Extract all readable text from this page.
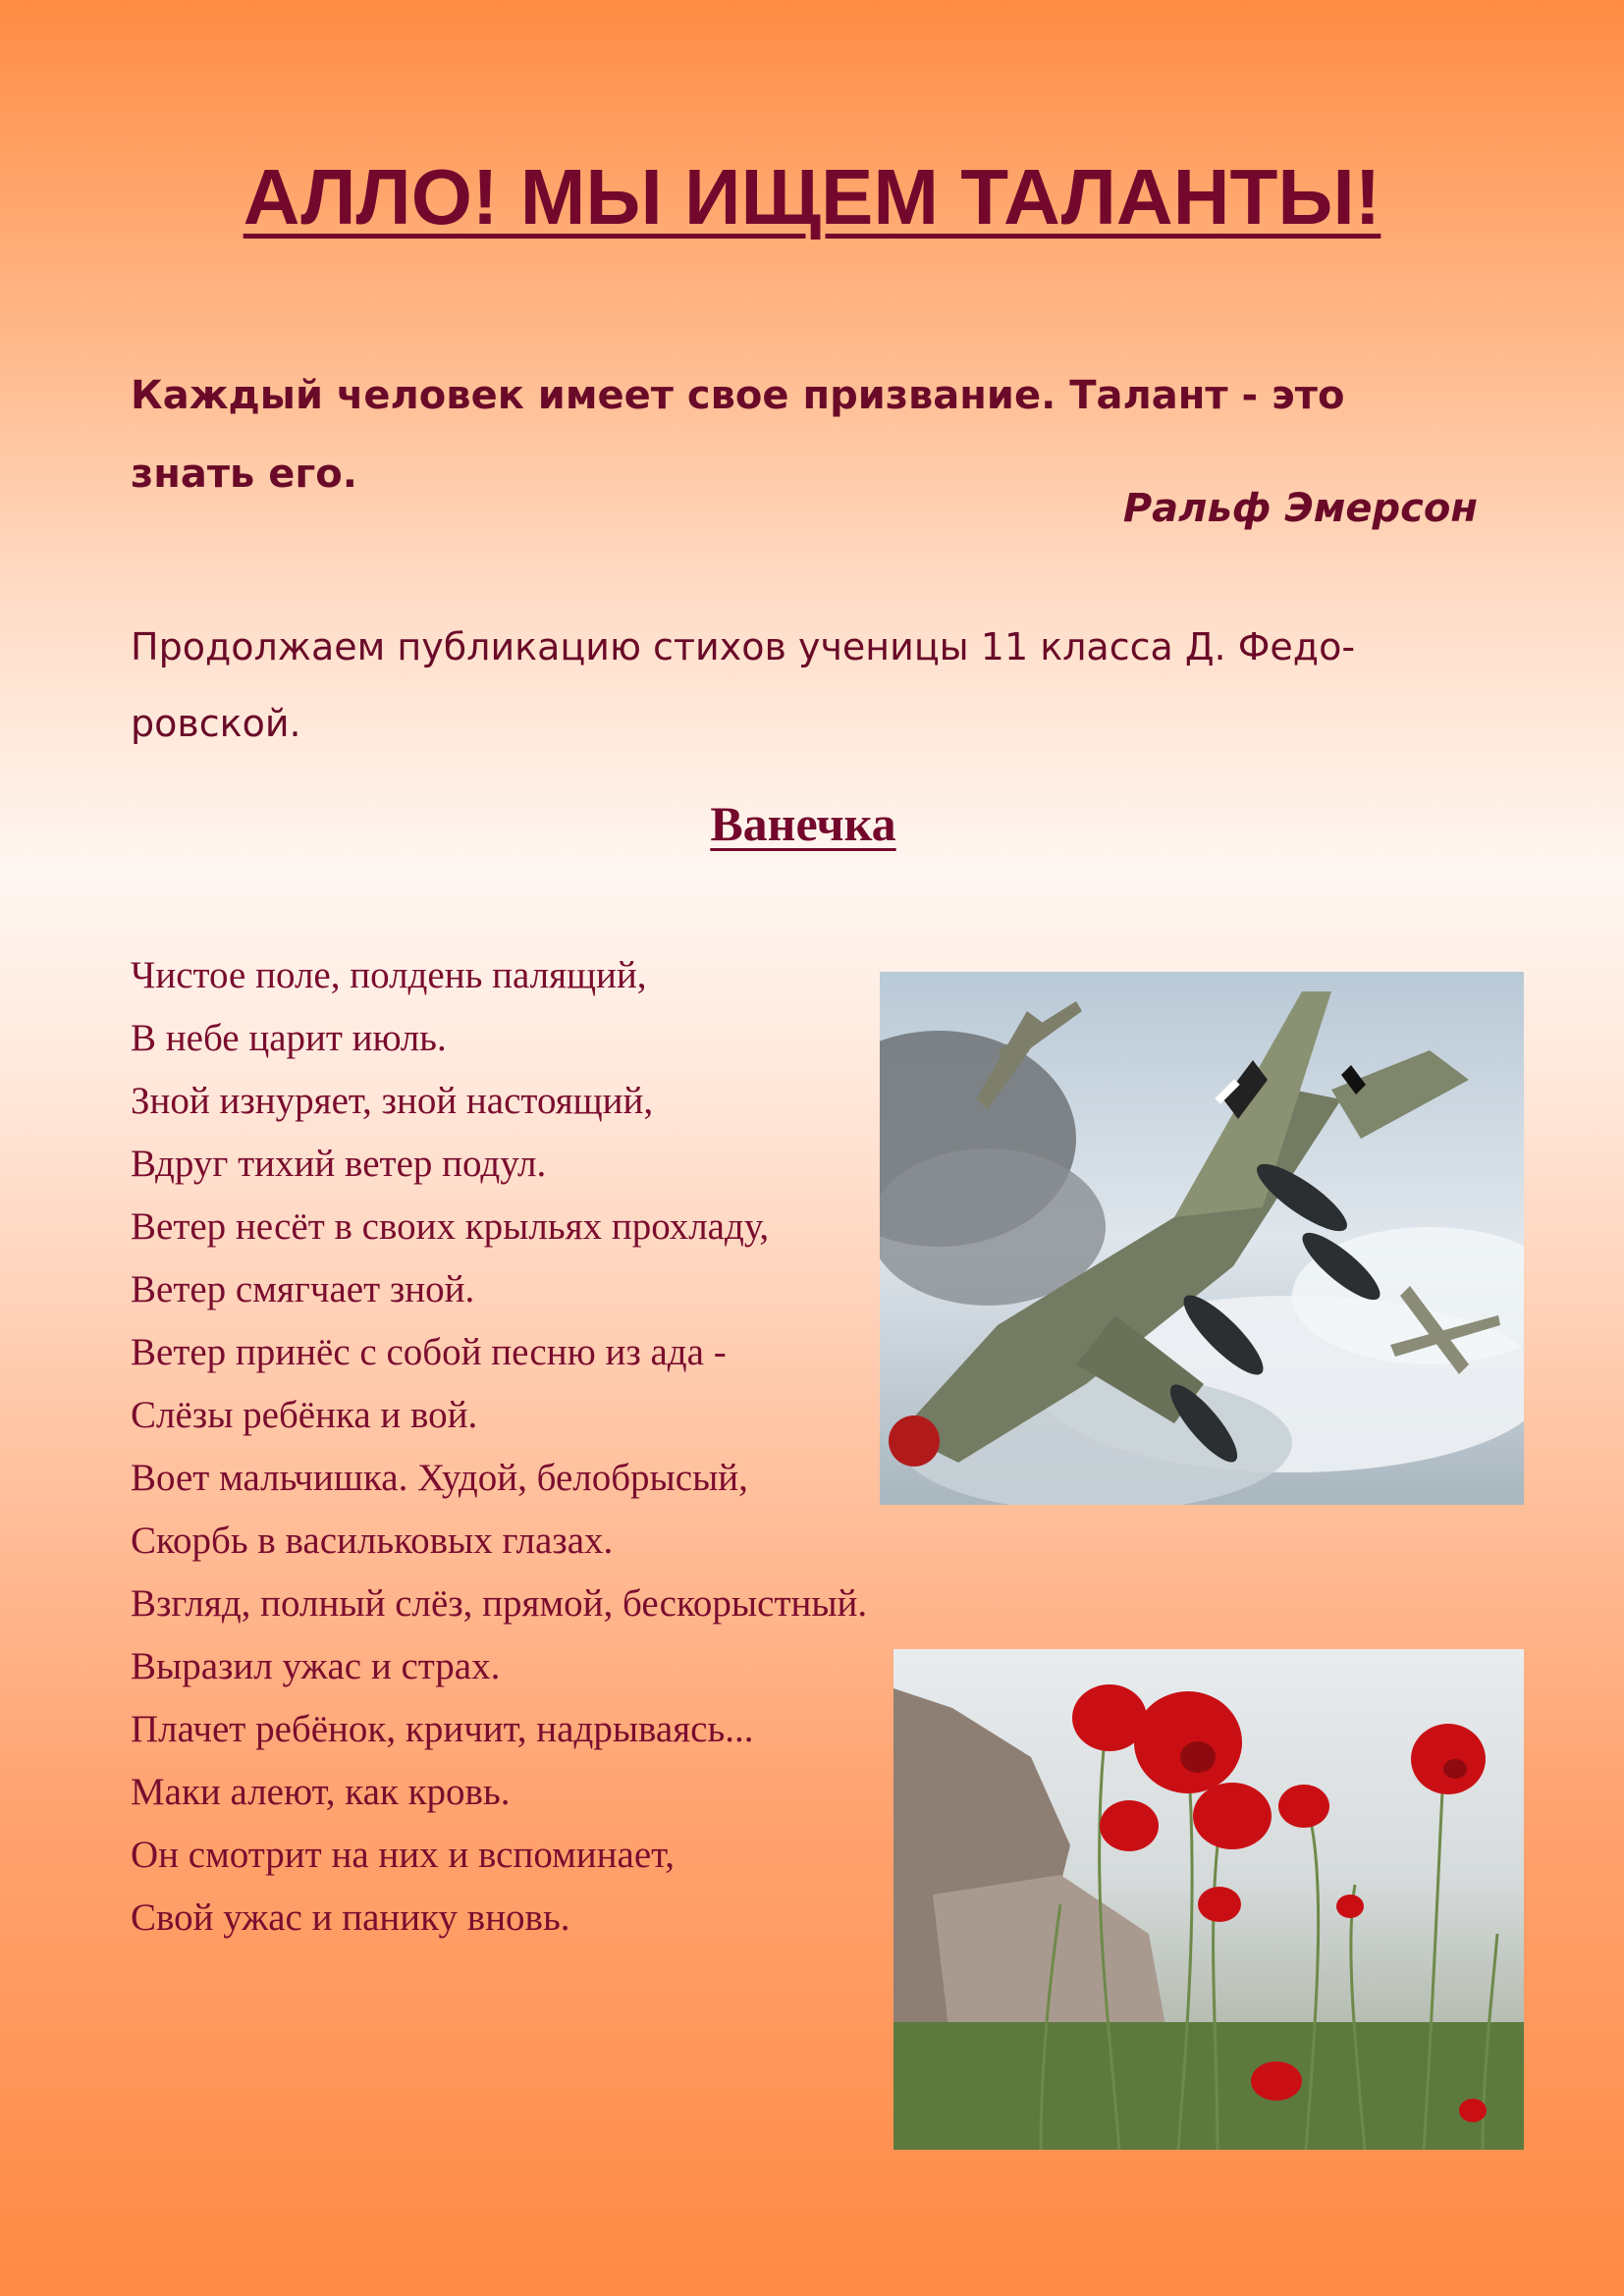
АЛЛО! МЫ ИЩЕМ ТАЛАНТЫ!
Каждый человек имеет свое призвание. Талант - это
знать его.
Ральф Эмерсон
Продолжаем публикацию стихов ученицы 11 класса Д. Федо-
ровской.
Ванечка
Чистое поле, полдень палящий,
В небе царит июль.
Зной изнуряет, зной настоящий,
Вдруг тихий ветер подул.
Ветер несёт в своих крыльях прохладу,
Ветер смягчает зной.
Ветер принёс с собой песню из ада -
Слёзы ребёнка и вой.
Воет мальчишка. Худой, белобрысый,
Скорбь в васильковых глазах.
Взгляд, полный слёз, прямой, бескорыстный.
Выразил ужас и страх.
Плачет ребёнок, кричит, надрываясь...
Маки алеют, как кровь.
Он смотрит на них и вспоминает,
Свой ужас и панику вновь.
